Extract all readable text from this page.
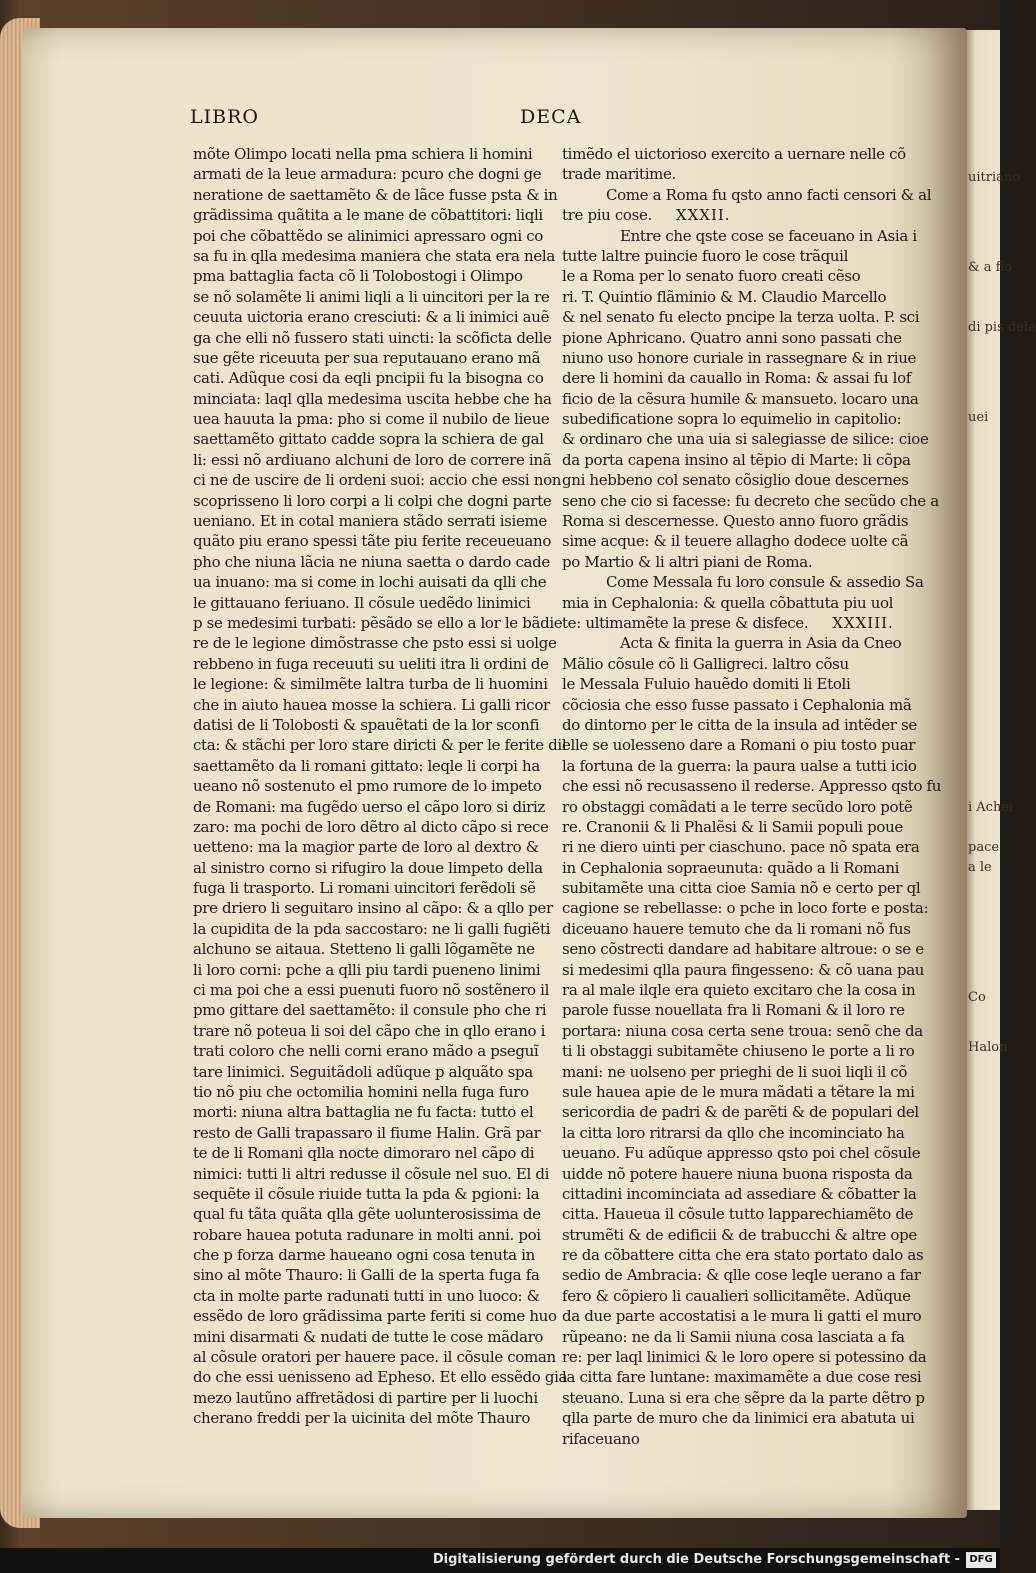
uitriano
& a fio
di pis dele
uei
i Achei
pace
a le
Co
Halon
LIBRO	DECA
mõte Olimpo locati nella pma schiera li homini
armati de la leue armadura: pcuro che dogni ge
neratione de saettamẽto & de lãce fusse psta & in
grãdissima quãtita a le mane de cõbattitori: liqli
poi che cõbattẽdo se alinimici apressaro ogni co
sa fu in qlla medesima maniera che stata era nela
pma battaglia facta cõ li Tolobostogi i Olimpo
se nõ solamẽte li animi liqli a li uincitori per la re
ceuuta uictoria erano cresciuti: & a li inimici auẽ
ga che elli nõ fussero stati uincti: la scõficta delle
sue gẽte riceuuta per sua reputauano erano mã
cati. Adũque cosi da eqli pncipii fu la bisogna co
minciata: laql qlla medesima uscita hebbe che ha
uea hauuta la pma: pho si come il nubilo de lieue
saettamẽto gittato cadde sopra la schiera de gal
li: essi nõ ardiuano alchuni de loro de correre inã
ci ne de uscire de li ordeni suoi: accio che essi non
scoprisseno li loro corpi a li colpi che dogni parte
ueniano. Et in cotal maniera stãdo serrati isieme
quãto piu erano spessi tãte piu ferite receueuano
pho che niuna lãcia ne niuna saetta o dardo cade
ua inuano: ma si come in lochi auisati da qlli che
le gittauano feriuano. Il cõsule uedẽdo linimici
p se medesimi turbati: pẽsãdo se ello a lor le bãdie
re de le legione dimõstrasse che psto essi si uolge
rebbeno in fuga receuuti su ueliti itra li ordini de
le legione: & similmẽte laltra turba de li huomini
che in aiuto hauea mosse la schiera. Li galli ricor
datisi de li Tolobosti & spauẽtati de la lor sconfi
cta: & stãchi per loro stare diricti & per le ferite dil
saettamẽto da li romani gittato: leqle li corpi ha
ueano nõ sostenuto el pmo rumore de lo impeto
de Romani: ma fugẽdo uerso el cãpo loro si diriz
zaro: ma pochi de loro dẽtro al dicto cãpo si rece
uetteno: ma la magior parte de loro al dextro &
al sinistro corno si rifugiro la doue limpeto della
fuga li trasporto. Li romani uincitori ferẽdoli sẽ
pre driero li seguitaro insino al cãpo: & a qllo per
la cupidita de la pda saccostaro: ne li galli fugiẽti
alchuno se aitaua. Stetteno li galli lõgamẽte ne
li loro corni: pche a qlli piu tardi pueneno linimi
ci ma poi che a essi puenuti fuoro nõ sostẽnero il
pmo gittare del saettamẽto: il consule pho che ri
trare nõ poteua li soi del cãpo che in qllo erano i
trati coloro che nelli corni erano mãdo a pseguĩ
tare linimici. Seguitãdoli adũque p alquãto spa
tio nõ piu che octomilia homini nella fuga furo
morti: niuna altra battaglia ne fu facta: tutto el
resto de Galli trapassaro il fiume Halin. Grã par
te de li Romani qlla nocte dimoraro nel cãpo di
nimici: tutti li altri redusse il cõsule nel suo. El di
sequẽte il cõsule riuide tutta la pda & pgioni: la
qual fu tãta quãta qlla gẽte uolunterosissima de
robare hauea potuta radunare in molti anni. poi
che p forza darme haueano ogni cosa tenuta in
sino al mõte Thauro: li Galli de la sperta fuga fa
cta in molte parte radunati tutti in uno luoco: &
essẽdo de loro grãdissima parte feriti si come huo
mini disarmati & nudati de tutte le cose mãdaro
al cõsule oratori per hauere pace. il cõsule coman
do che essi uenisseno ad Epheso. Et ello essẽdo gia
mezo lautũno affretãdosi di partire per li luochi
cherano freddi per la uicinita del mõte Thauro
timẽdo el uictorioso exercito a uernare nelle cõ
trade maritime.
Come a Roma fu qsto anno facti censori & al
tre piu cose. XXXII.
Entre che qste cose se faceuano in Asia i
tutte laltre puincie fuoro le cose trãquil
le a Roma per lo senato fuoro creati cẽso
ri. T. Quintio flãminio & M. Claudio Marcello
& nel senato fu electo pncipe la terza uolta. P. sci
pione Aphricano. Quatro anni sono passati che
niuno uso honore curiale in rassegnare & in riue
dere li homini da cauallo in Roma: & assai fu lof
ficio de la cẽsura humile & mansueto. locaro una
subedificatione sopra lo equimelio in capitolio:
& ordinaro che una uia si salegiasse de silice: cioe
da porta capena insino al tẽpio di Marte: li cõpa
gni hebbeno col senato cõsiglio doue descernes
seno che cio si facesse: fu decreto che secũdo che a
Roma si descernesse. Questo anno fuoro grãdis
sime acque: & il teuere allagho dodece uolte cã
po Martio & li altri piani de Roma.
Come Messala fu loro consule & assedio Sa
mia in Cephalonia: & quella cõbattuta piu uol
te: ultimamẽte la prese & disfece. XXXIII.
Acta & finita la guerra in Asia da Cneo
Mãlio cõsule cõ li Galligreci. laltro cõsu
le Messala Fuluio hauẽdo domiti li Etoli
cõciosia che esso fusse passato i Cephalonia mã
do dintorno per le citta de la insula ad intẽder se
elle se uolesseno dare a Romani o piu tosto puar
la fortuna de la guerra: la paura ualse a tutti icio
che essi nõ recusasseno il rederse. Appresso qsto fu
ro obstaggi comãdati a le terre secũdo loro potẽ
re. Cranonii & li Phalẽsi & li Samii populi poue
ri ne diero uinti per ciaschuno. pace nõ spata era
in Cephalonia sopraeunuta: quãdo a li Romani
subitamẽte una citta cioe Samia nõ e certo per ql
cagione se rebellasse: o pche in loco forte e posta:
diceuano hauere temuto che da li romani nõ fus
seno cõstrecti dandare ad habitare altroue: o se e
si medesimi qlla paura fingesseno: & cõ uana pau
ra al male ilqle era quieto excitaro che la cosa in
parole fusse nouellata fra li Romani & il loro re
portara: niuna cosa certa sene troua: senõ che da
ti li obstaggi subitamẽte chiuseno le porte a li ro
mani: ne uolseno per prieghi de li suoi liqli il cõ
sule hauea apie de le mura mãdati a tẽtare la mi
sericordia de padri & de parẽti & de populari del
la citta loro ritrarsi da qllo che incominciato ha
ueuano. Fu adũque appresso qsto poi chel cõsule
uidde nõ potere hauere niuna buona risposta da
cittadini incominciata ad assediare & cõbatter la
citta. Haueua il cõsule tutto lapparechiamẽto de
strumẽti & de edificii & de trabucchi & altre ope
re da cõbattere citta che era stato portato dalo as
sedio de Ambracia: & qlle cose leqle uerano a far
fero & cõpiero li caualieri sollicitamẽte. Adũque
da due parte accostatisi a le mura li gatti el muro
rũpeano: ne da li Samii niuna cosa lasciata a fa
re: per laql linimici & le loro opere si potessino da
la citta fare luntane: maximamẽte a due cose resi
steuano. Luna si era che sẽpre da la parte dẽtro p
qlla parte de muro che da linimici era abatuta ui
rifaceuano
Digitalisierung gefördert durch die Deutsche Forschungsgemeinschaft - DFG
